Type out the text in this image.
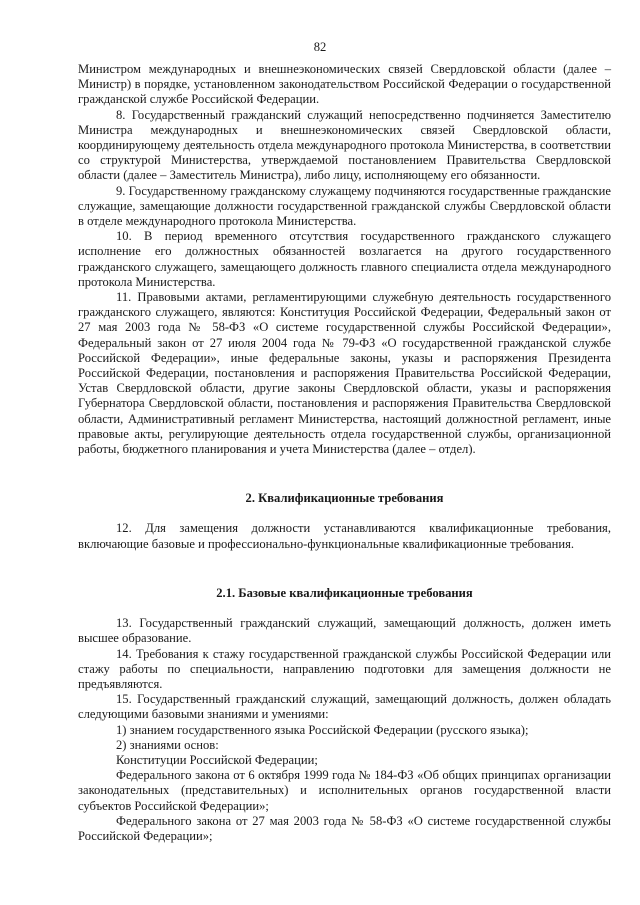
82

Министром международных и внешнеэкономических связей Свердловской области (далее – Министр) в порядке, установленном законодательством Российской Федерации о государственной гражданской службе Российской Федерации.

8. Государственный гражданский служащий непосредственно подчиняется Заместителю Министра международных и внешнеэкономических связей Свердловской области, координирующему деятельность отдела международного протокола Министерства, в соответствии со структурой Министерства, утверждаемой постановлением Правительства Свердловской области (далее – Заместитель Министра), либо лицу, исполняющему его обязанности.

9. Государственному гражданскому служащему подчиняются государственные гражданские служащие, замещающие должности государственной гражданской службы Свердловской области в отделе международного протокола Министерства.

10. В период временного отсутствия государственного гражданского служащего исполнение его должностных обязанностей возлагается на другого государственного гражданского служащего, замещающего должность главного специалиста отдела международного протокола Министерства.

11. Правовыми актами, регламентирующими служебную деятельность государственного гражданского служащего, являются: Конституция Российской Федерации, Федеральный закон от 27 мая 2003 года № 58-ФЗ «О системе государственной службы Российской Федерации», Федеральный закон от 27 июля 2004 года № 79-ФЗ «О государственной гражданской службе Российской Федерации», иные федеральные законы, указы и распоряжения Президента Российской Федерации, постановления и распоряжения Правительства Российской Федерации, Устав Свердловской области, другие законы Свердловской области, указы и распоряжения Губернатора Свердловской области, постановления и распоряжения Правительства Свердловской области, Административный регламент Министерства, настоящий должностной регламент, иные правовые акты, регулирующие деятельность отдела государственной службы, организационной работы, бюджетного планирования и учета Министерства (далее – отдел).

2. Квалификационные требования

12. Для замещения должности устанавливаются квалификационные требования, включающие базовые и профессионально-функциональные квалификационные требования.

2.1. Базовые квалификационные требования

13. Государственный гражданский служащий, замещающий должность, должен иметь высшее образование.

14. Требования к стажу государственной гражданской службы Российской Федерации или стажу работы по специальности, направлению подготовки для замещения должности не предъявляются.

15. Государственный гражданский служащий, замещающий должность, должен обладать следующими базовыми знаниями и умениями:

1) знанием государственного языка Российской Федерации (русского языка);

2) знаниями основ:

Конституции Российской Федерации;

Федерального закона от 6 октября 1999 года № 184-ФЗ «Об общих принципах организации законодательных (представительных) и исполнительных органов государственной власти субъектов Российской Федерации»;

Федерального закона от 27 мая 2003 года № 58-ФЗ «О системе государственной службы Российской Федерации»;
